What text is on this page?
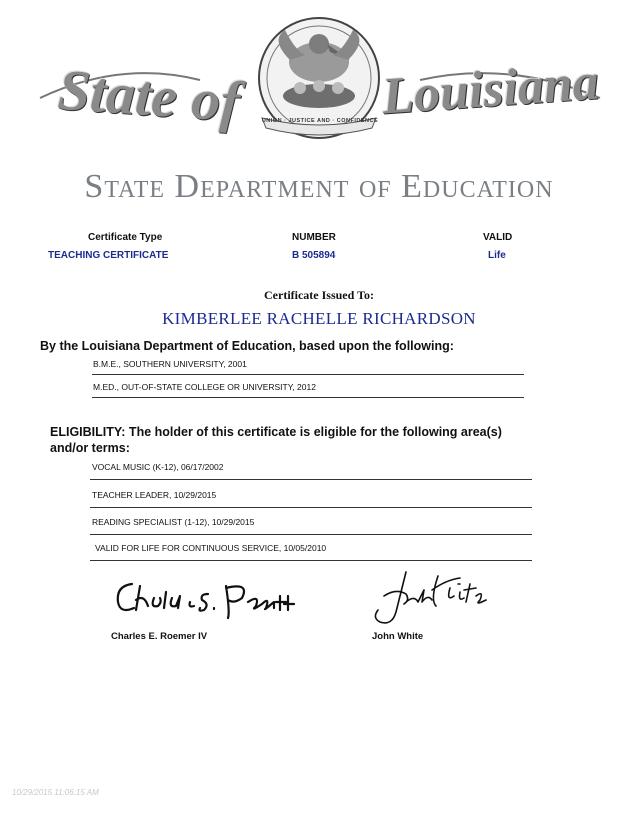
UNION · JUSTICE AND · CONFIDENCE
State of	Louisiana
State Department of Education
Certificate Type
TEACHING CERTIFICATE
NUMBER
B 505894
VALID
Life
Certificate Issued To:
KIMBERLEE RACHELLE RICHARDSON
By the Louisiana Department of Education, based upon the following:
B.M.E., SOUTHERN UNIVERSITY, 2001
M.ED., OUT-OF-STATE COLLEGE OR UNIVERSITY, 2012
ELIGIBILITY: The holder of this certificate is eligible for the following area(s) and/or terms:
VOCAL MUSIC (K-12), 06/17/2002
TEACHER LEADER, 10/29/2015
READING SPECIALIST (1-12), 10/29/2015
VALID FOR LIFE FOR CONTINUOUS SERVICE, 10/05/2010
Charles E. Roemer IV	John White
10/29/2015 11:06:15 AM
